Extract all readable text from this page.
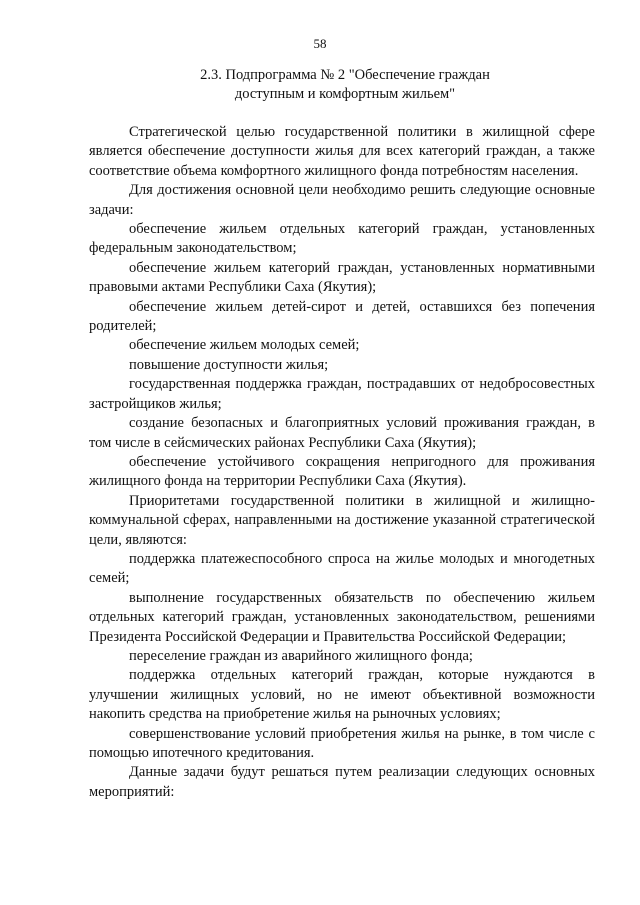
58
2.3. Подпрограмма № 2 "Обеспечение граждан
доступным и комфортным жильем"

Стратегической целью государственной политики в жилищной сфере является обеспечение доступности жилья для всех категорий граждан, а также соответствие объема комфортного жилищного фонда потребностям населения.

Для достижения основной цели необходимо решить следующие основные задачи:

обеспечение жильем отдельных категорий граждан, установленных федеральным законодательством;

обеспечение жильем категорий граждан, установленных нормативными правовыми актами Республики Саха (Якутия);

обеспечение жильем детей-сирот и детей, оставшихся без попечения родителей;

обеспечение жильем молодых семей;

повышение доступности жилья;

государственная поддержка граждан, пострадавших от недобросовестных застройщиков жилья;

создание безопасных и благоприятных условий проживания граждан, в том числе в сейсмических районах Республики Саха (Якутия);

обеспечение устойчивого сокращения непригодного для проживания жилищного фонда на территории Республики Саха (Якутия).

Приоритетами государственной политики в жилищной и жилищно-коммунальной сферах, направленными на достижение указанной стратегической цели, являются:

поддержка платежеспособного спроса на жилье молодых и многодетных семей;

выполнение государственных обязательств по обеспечению жильем отдельных категорий граждан, установленных законодательством, решениями Президента Российской Федерации и Правительства Российской Федерации;

переселение граждан из аварийного жилищного фонда;

поддержка отдельных категорий граждан, которые нуждаются в улучшении жилищных условий, но не имеют объективной возможности накопить средства на приобретение жилья на рыночных условиях;

совершенствование условий приобретения жилья на рынке, в том числе с помощью ипотечного кредитования.

Данные задачи будут решаться путем реализации следующих основных мероприятий:
